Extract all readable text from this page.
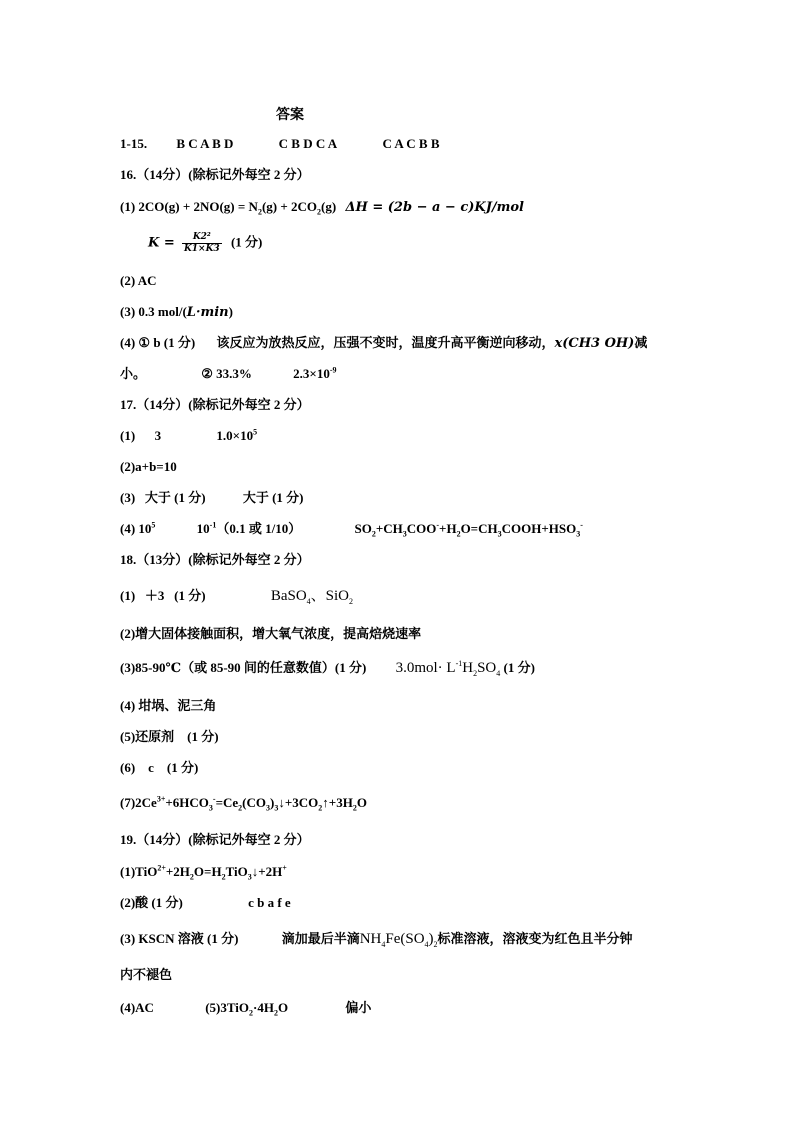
答案
1-15. B C A B D	C B D C A	C A C B B
16.（14分）(除标记外每空 2 分）
(1) $2CO(g) + 2NO(g) = N_2(g) + 2CO_2(g) \Delta H = (2b - a - c)KJ/mol$
$K = \frac{\text{K2²}}{K1\times K3} (1$ 分)
(2) AC
(3) 0.3 mol/(L·min)
(4) ① b (1 分) 该反应为放热反应，压强不变时，温度升高平衡逆向移动，x(CH3 OH)减
小。	② 33.3%	$2.3\times 10^{-9}$
17.（14分）(除标记外每空 2 分）
(1)      3	$1.0\times 10^5$
(2)a+b=10
(3)   大于 (1 分)	大于 (1 分)
(4) $10^5$	$10^{-1}(0.1$ 或 1/10）	$SO_2+CH_3COO^-+H_2O=CH_3COOH+HSO_3^-$
18.（13分）(除标记外每空 2 分）
(1)   ＋3   (1 分)	BaSO$_4$、SiO$_2$
(2)增大固体接触面积，增大氧气浓度，提高焙烧速率
(3)85-90℃（或 85-90 间的任意数值）(1 分) $3.0mol\cdot L^{-1}H_2SO_4$ (1 分)
(4) 坩埚、泥三角
(5)还原剂    (1 分)
(6)    c    (1 分)
$(7)2Ce^{3+}+6HCO_3^-=Ce_2(CO_3)_3↓+3CO_2↑+3H_2O$
19.（14分）(除标记外每空 2 分）
$(1)TiO^{2+}+2H_2O=H_2TiO_3↓+2H^+$
(2)酸 (1 分)	c b a f e
(3) KSCN 溶液 (1 分)	滴加最后半滴$NH_4Fe(SO_4)_2$标准溶液，溶液变为红色且半分钟
内不褪色
(4)AC	$(5)3TiO_2\cdot 4H_2O$	偏小
